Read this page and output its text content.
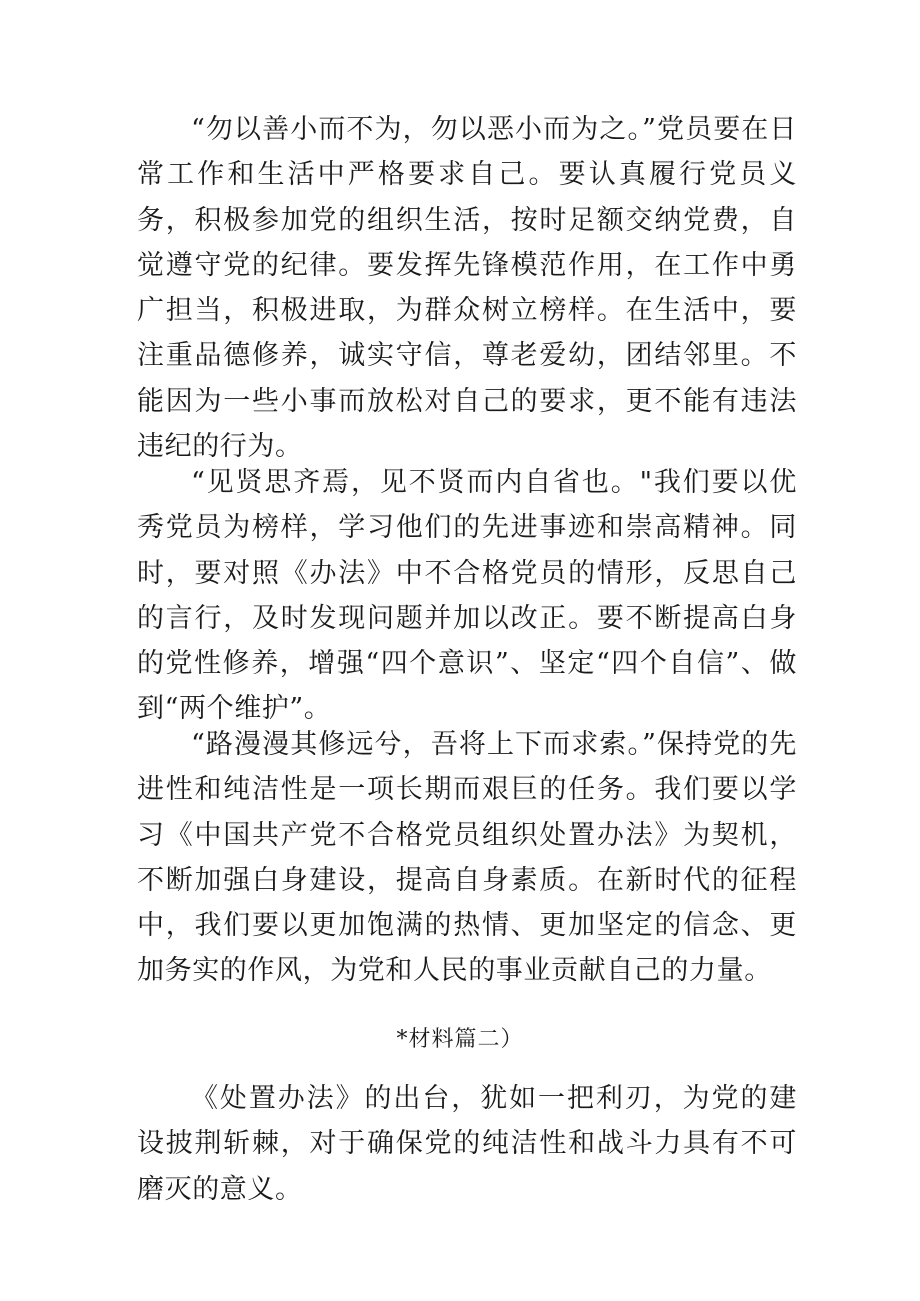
“勿以善小而不为，勿以恶小而为之。”党员要在日常工作和生活中严格要求自己。要认真履行党员义务，积极参加党的组织生活，按时足额交纳党费，自觉遵守党的纪律。要发挥先锋模范作用，在工作中勇广担当，积极进取，为群众树立榜样。在生活中，要注重品德修养，诚实守信，尊老爱幼，团结邻里。不能因为一些小事而放松对自己的要求，更不能有违法违纪的行为。

“见贤思齐焉，见不贤而内自省也。"我们要以优秀党员为榜样，学习他们的先进事迹和崇高精神。同时，要对照《办法》中不合格党员的情形，反思自己的言行，及时发现问题并加以改正。要不断提高白身的党性修养，增强“四个意识”、坚定“四个自信”、做到“两个维护”。

“路漫漫其修远兮，吾将上下而求索。”保持党的先进性和纯洁性是一项长期而艰巨的任务。我们要以学习《中国共产党不合格党员组织处置办法》为契机，不断加强白身建设，提高自身素质。在新时代的征程中，我们要以更加饱满的热情、更加坚定的信念、更加务实的作风，为党和人民的事业贡献自己的力量。

*材料篇二）

《处置办法》的出台，犹如一把利刃，为党的建设披荆斩棘，对于确保党的纯洁性和战斗力具有不可磨灭的意义。
